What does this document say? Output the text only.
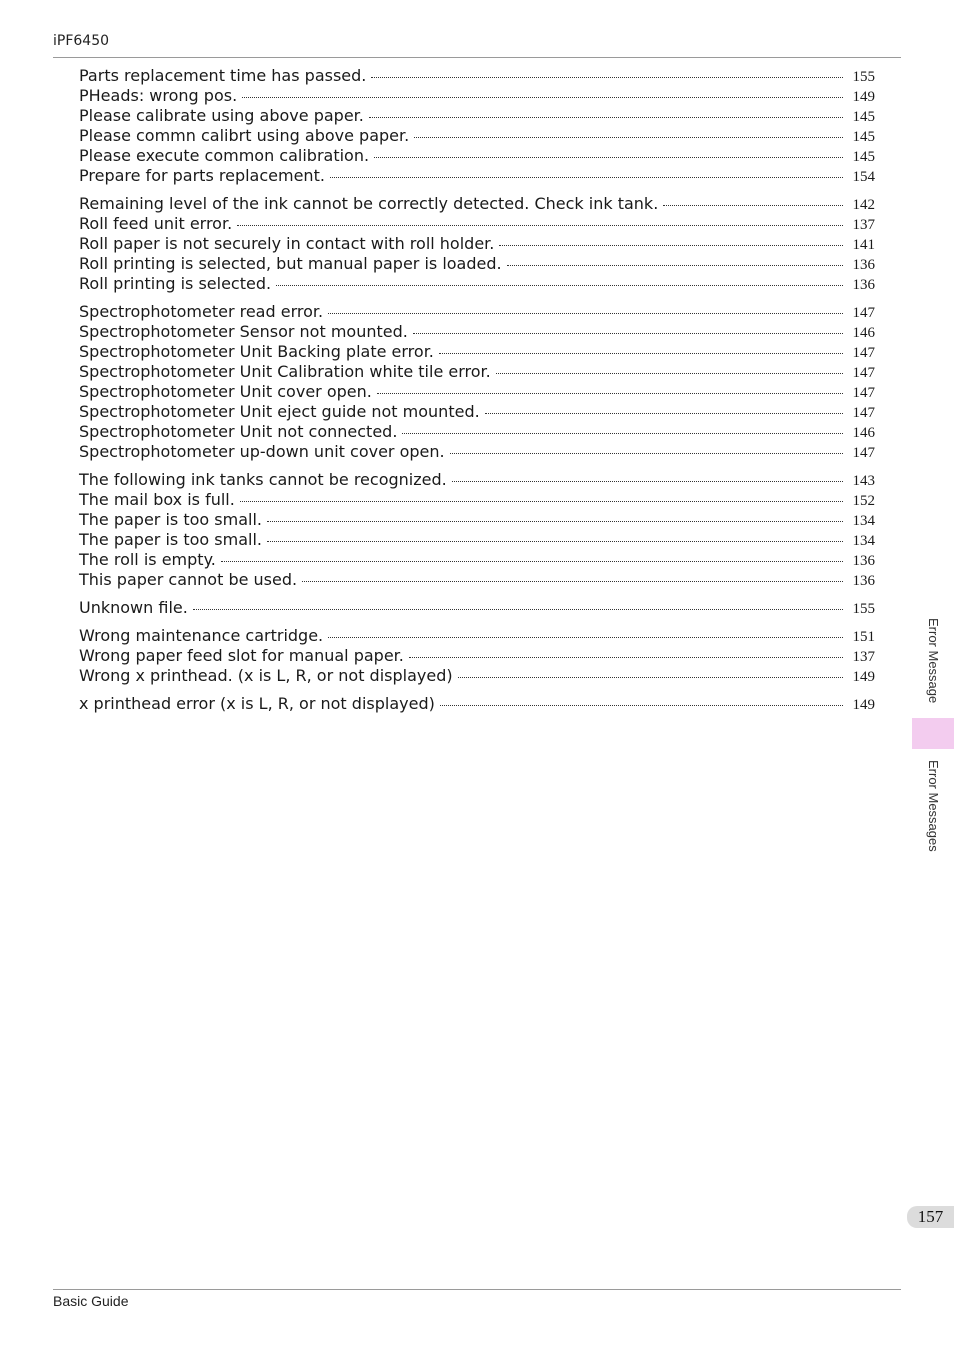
iPF6450
Parts replacement time has passed.	155
PHeads: wrong pos.	149
Please calibrate using above paper.	145
Please commn calibrt using above paper.	145
Please execute common calibration.	145
Prepare for parts replacement.	154
Remaining level of the ink cannot be correctly detected. Check ink tank.	142
Roll feed unit error.	137
Roll paper is not securely in contact with roll holder.	141
Roll printing is selected, but manual paper is loaded.	136
Roll printing is selected.	136
Spectrophotometer read error.	147
Spectrophotometer Sensor not mounted.	146
Spectrophotometer Unit Backing plate error.	147
Spectrophotometer Unit Calibration white tile error.	147
Spectrophotometer Unit cover open.	147
Spectrophotometer Unit eject guide not mounted.	147
Spectrophotometer Unit not connected.	146
Spectrophotometer up-down unit cover open.	147
The following ink tanks cannot be recognized.	143
The mail box is full.	152
The paper is too small.	134
The paper is too small.	134
The roll is empty.	136
This paper cannot be used.	136
Unknown file.	155
Wrong maintenance cartridge.	151
Wrong paper feed slot for manual paper.	137
Wrong x printhead. (x is L, R, or not displayed)	149
x printhead error (x is L, R, or not displayed)	149
Error Message
Error Messages
157
Basic Guide
